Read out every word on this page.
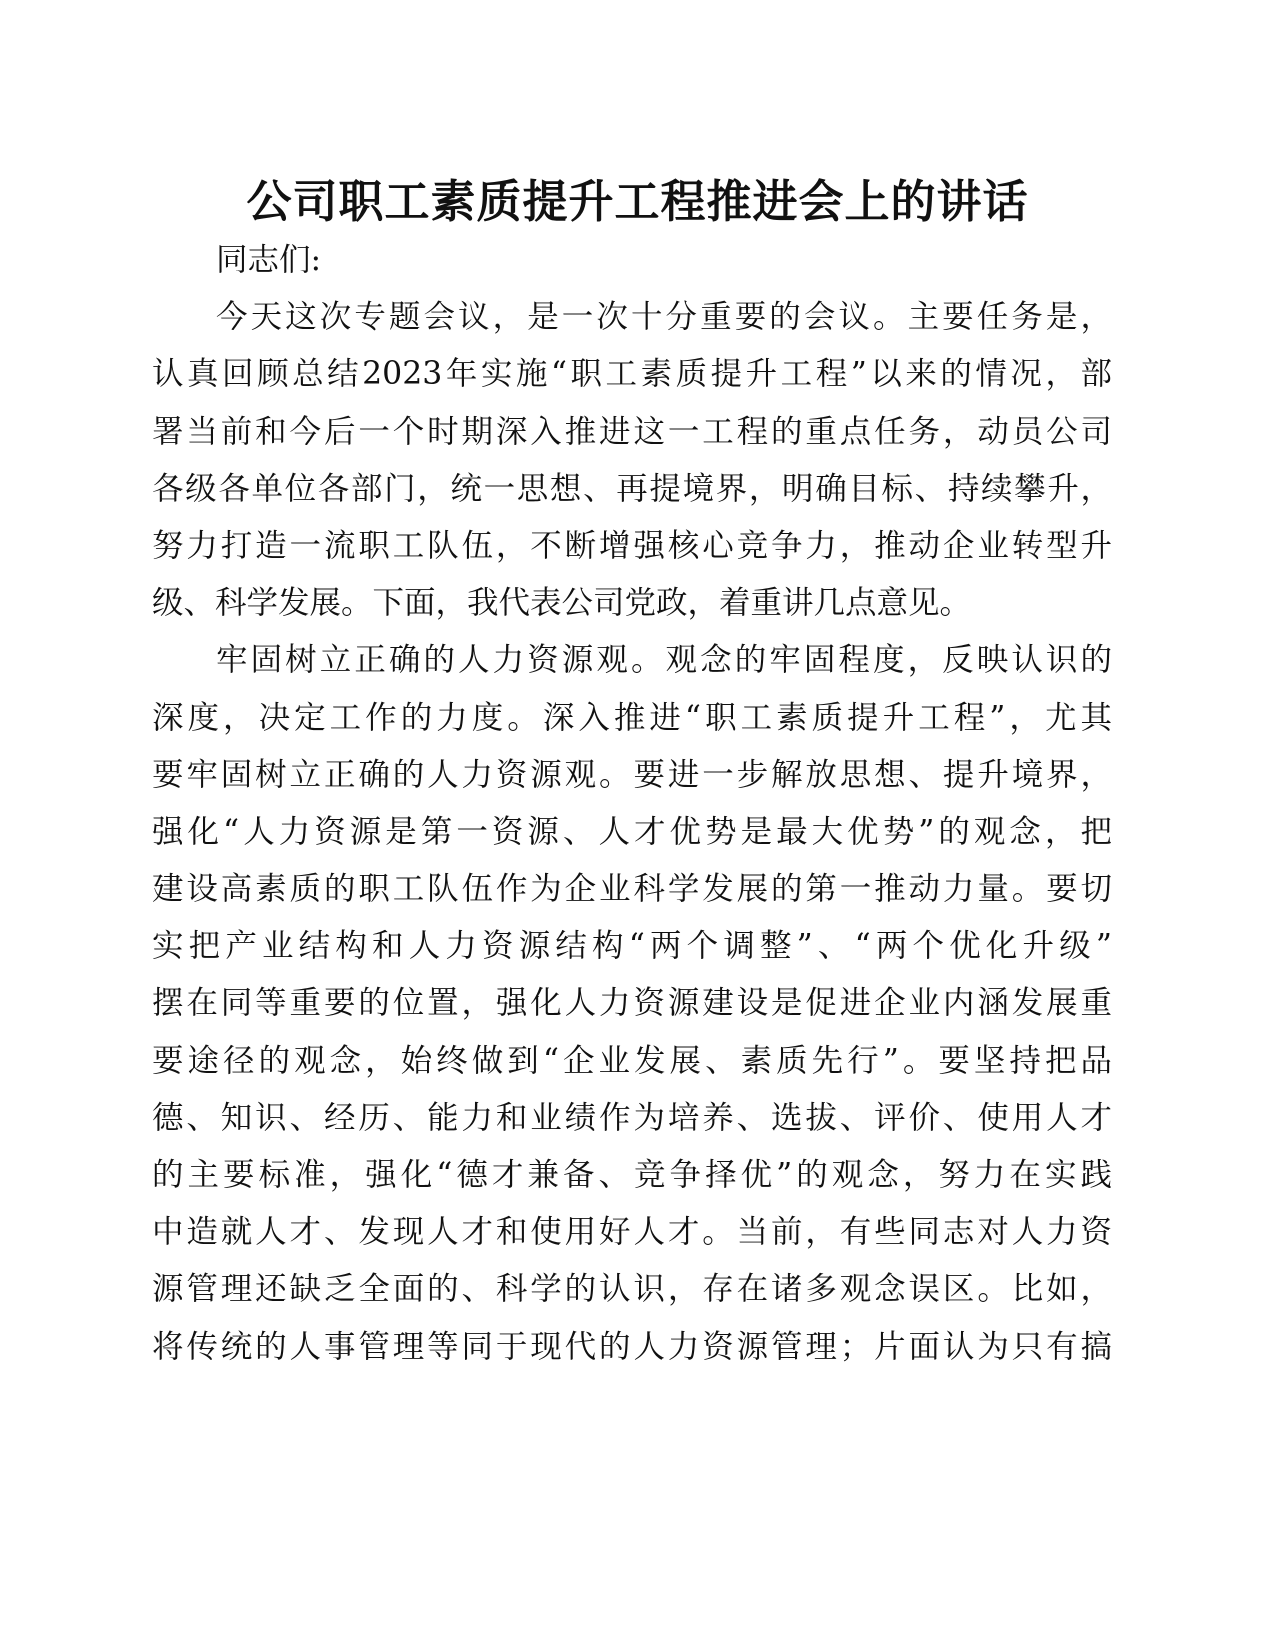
公司职工素质提升工程推进会上的讲话
同志们:
今天这次专题会议，是一次十分重要的会议。主要任务是，
认真回顾总结2023年实施“职工素质提升工程”以来的情况，部
署当前和今后一个时期深入推进这一工程的重点任务，动员公司
各级各单位各部门，统一思想、再提境界，明确目标、持续攀升，
努力打造一流职工队伍，不断增强核心竞争力，推动企业转型升
级、科学发展。下面，我代表公司党政，着重讲几点意见。
牢固树立正确的人力资源观。观念的牢固程度，反映认识的
深度，决定工作的力度。深入推进“职工素质提升工程”，尤其
要牢固树立正确的人力资源观。要进一步解放思想、提升境界，
强化“人力资源是第一资源、人才优势是最大优势”的观念，把
建设高素质的职工队伍作为企业科学发展的第一推动力量。要切
实把产业结构和人力资源结构“两个调整”、“两个优化升级”
摆在同等重要的位置，强化人力资源建设是促进企业内涵发展重
要途径的观念，始终做到“企业发展、素质先行”。要坚持把品
德、知识、经历、能力和业绩作为培养、选拔、评价、使用人才
的主要标准，强化“德才兼备、竞争择优”的观念，努力在实践
中造就人才、发现人才和使用好人才。当前，有些同志对人力资
源管理还缺乏全面的、科学的认识，存在诸多观念误区。比如，
将传统的人事管理等同于现代的人力资源管理；片面认为只有搞
